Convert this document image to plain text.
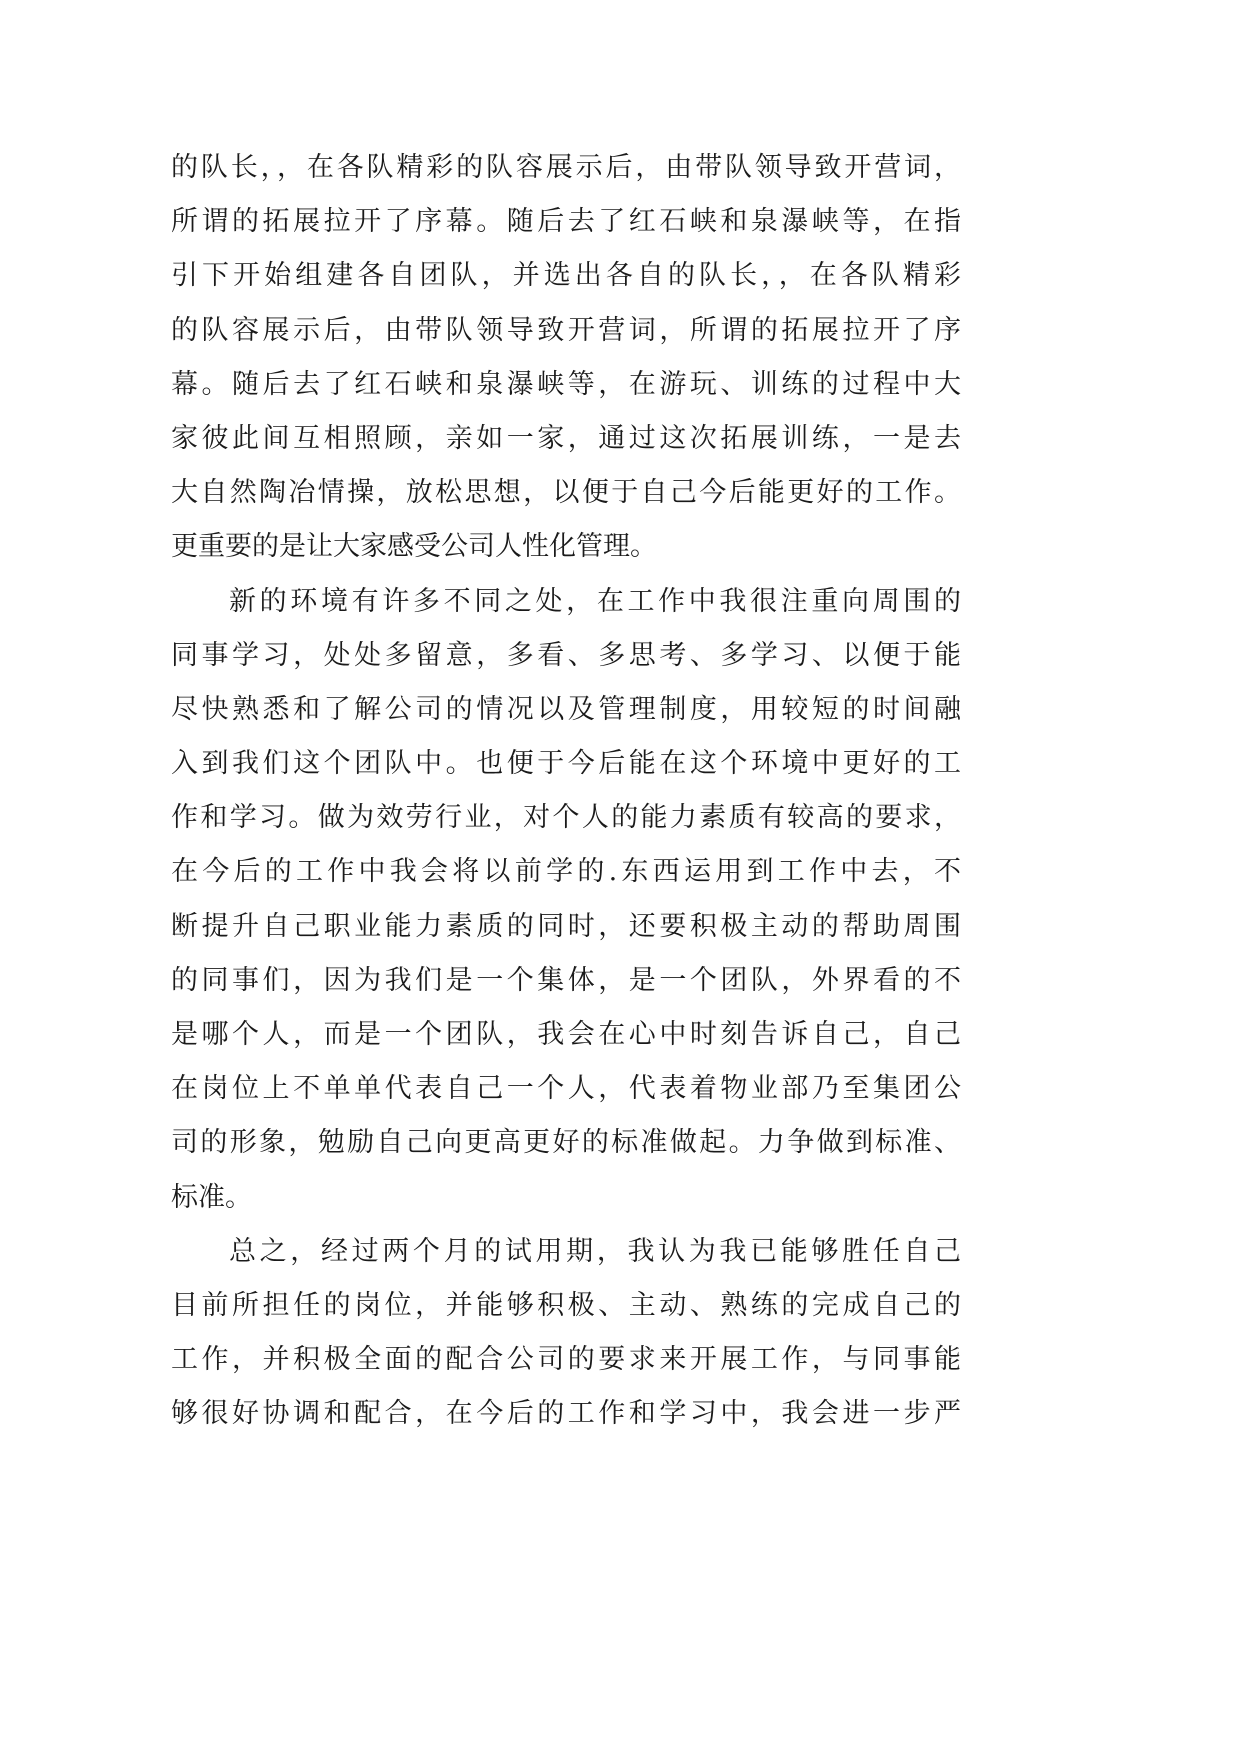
的队长，，在各队精彩的队容展示后，由带队领导致开营词，
所谓的拓展拉开了序幕。随后去了红石峡和泉瀑峡等，在指
引下开始组建各自团队，并选出各自的队长，，在各队精彩
的队容展示后，由带队领导致开营词，所谓的拓展拉开了序
幕。随后去了红石峡和泉瀑峡等，在游玩、训练的过程中大
家彼此间互相照顾，亲如一家，通过这次拓展训练，一是去
大自然陶冶情操，放松思想，以便于自己今后能更好的工作。
更重要的是让大家感受公司人性化管理。
新的环境有许多不同之处，在工作中我很注重向周围的
同事学习，处处多留意，多看、多思考、多学习、以便于能
尽快熟悉和了解公司的情况以及管理制度，用较短的时间融
入到我们这个团队中。也便于今后能在这个环境中更好的工
作和学习。做为效劳行业，对个人的能力素质有较高的要求，
在今后的工作中我会将以前学的.东西运用到工作中去，不
断提升自己职业能力素质的同时，还要积极主动的帮助周围
的同事们，因为我们是一个集体，是一个团队，外界看的不
是哪个人，而是一个团队，我会在心中时刻告诉自己，自己
在岗位上不单单代表自己一个人，代表着物业部乃至集团公
司的形象，勉励自己向更高更好的标准做起。力争做到标准、
标准。
总之，经过两个月的试用期，我认为我已能够胜任自己
目前所担任的岗位，并能够积极、主动、熟练的完成自己的
工作，并积极全面的配合公司的要求来开展工作，与同事能
够很好协调和配合，在今后的工作和学习中，我会进一步严
